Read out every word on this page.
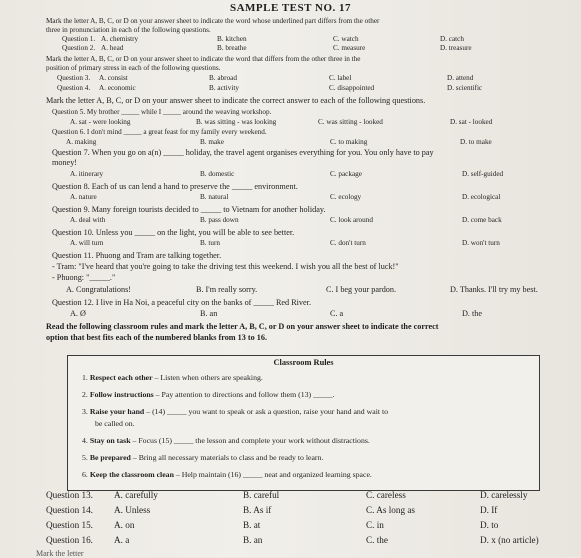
SAMPLE TEST NO. 17
Mark the letter A, B, C, or D on your answer sheet to indicate the word whose underlined part differs from the other
three in pronunciation in each of the following questions.
Question 1. A. chemistry	B. kitchen	C. watch	D. catch
Question 2. A. head	B. breathe	C. measure	D. treasure
Mark the letter A, B, C, or D on your answer sheet to indicate the word that differs from the other three in the
position of primary stress in each of the following questions.
Question 3. A. consist	B. abroad	C. label	D. attend
Question 4. A. economic	B. activity	C. disappointed	D. scientific
Mark the letter A, B, C, or D on your answer sheet to indicate the correct answer to each of the following questions.
Question 5. My brother _____ while I _____ around the weaving workshop.
A. sat - were looking	B. was sitting - was looking	C. was sitting - looked	D. sat - looked
Question 6. I don't mind _____ a great feast for my family every weekend.
A. making	B. make	C. to making	D. to make
Question 7. When you go on a(n) _____ holiday, the travel agent organises everything for you. You only have to pay
money!
A. itinerary	B. domestic	C. package	D. self-guided
Question 8. Each of us can lend a hand to preserve the _____ environment.
A. nature	B. natural	C. ecology	D. ecological
Question 9. Many foreign tourists decided to _____ to Vietnam for another holiday.
A. deal with	B. pass down	C. look around	D. come back
Question 10. Unless you _____ on the light, you will be able to see better.
A. will turn	B. turn	C. don't turn	D. won't turn
Question 11. Phuong and Tram are talking together.
- Tram: "I've heard that you're going to take the driving test this weekend. I wish you all the best of luck!"
- Phuong: "_____."
A. Congratulations!	B. I'm really sorry.	C. I beg your pardon.	D. Thanks. I'll try my best.
Question 12. I live in Ha Noi, a peaceful city on the banks of _____ Red River.
A. Ø	B. an	C. a	D. the
Read the following classroom rules and mark the letter A, B, C, or D on your answer sheet to indicate the correct
option that best fits each of the numbered blanks from 13 to 16.
Classroom Rules
1. Respect each other – Listen when others are speaking.
2. Follow instructions – Pay attention to directions and follow them (13) _____.
3. Raise your hand – (14) _____ you want to speak or ask a question, raise your hand and wait to
be called on.
4. Stay on task – Focus (15) _____ the lesson and complete your work without distractions.
5. Be prepared – Bring all necessary materials to class and be ready to learn.
6. Keep the classroom clean – Help maintain (16) _____ neat and organized learning space.
Question 13. A. carefully	B. careful	C. careless	D. carelessly
Question 14. A. Unless	B. As if	C. As long as	D. If
Question 15. A. on	B. at	C. in	D. to
Question 16. A. a	B. an	C. the	D. x (no article)
Mark the letter
